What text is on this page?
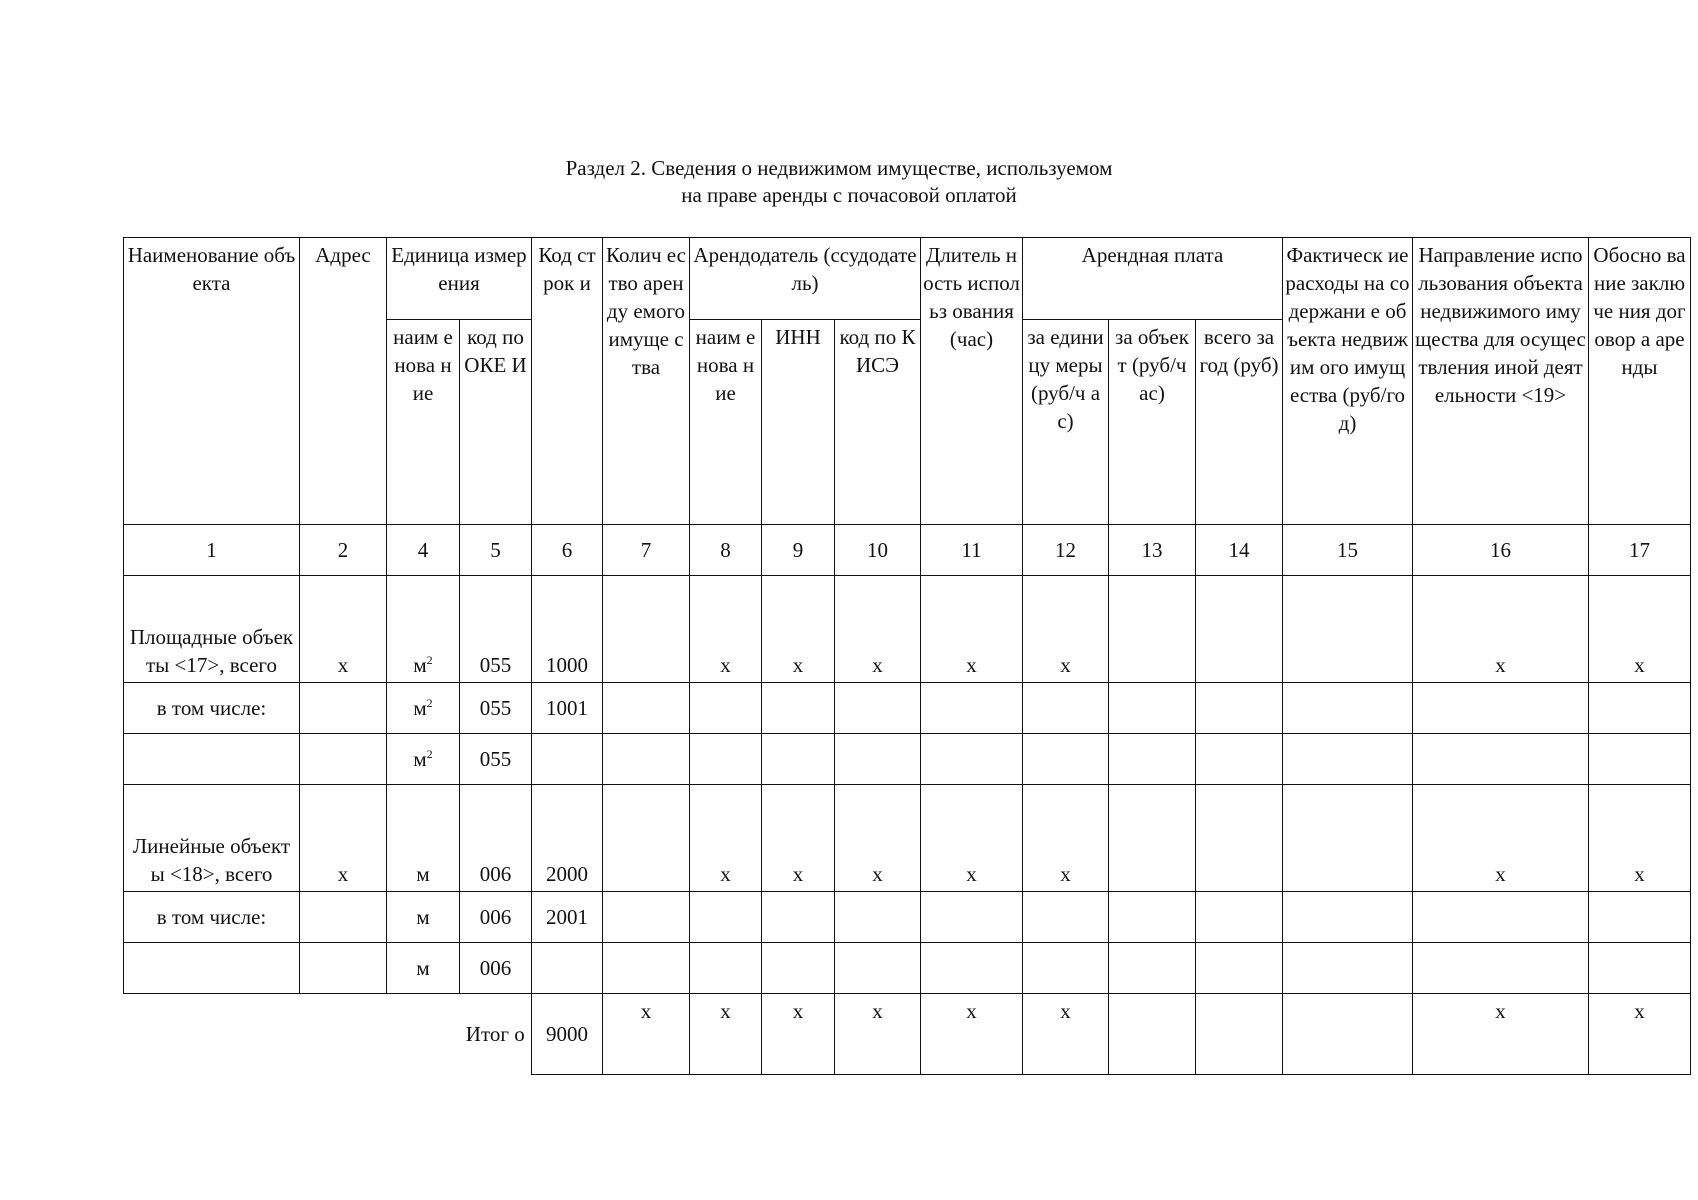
Раздел 2. Сведения о недвижимом имуществе, используемом
на праве аренды с почасовой оплатой
Наименование объекта	Адрес	Единица измерения		Код строк и	Колич ество аренду емого имуще ства	Арендодатель (ссудодатель)			Длитель ность использ ования (час)	Арендная плата			Фактическ ие расходы на содержани е объекта недвижим ого имущества (руб/год)	Направление использования объекта недвижимого имущества для осуществления иной деятельности <19>	Обосно вание заключе ния договор а аренды
		наим енова ние	код по ОКЕ И			наим енова ние	ИНН	код по КИСЭ		за едини цу меры (руб/ч ас)	за объект (руб/ч ас)	всего за год (руб)			
1	2	4	5	6	7	8	9	10	11	12	13	14	15	16	17
Площадные объекты <17>, всего	х	$м^2$	055	1000		х	х	х	х	х				х	х
в том числе:		$м^2$	055	1001											
		$м^2$	055												
Линейные объекты <18>, всего	х	м	006	2000		х	х	х	х	х				х	х
в том числе:		м	006	2001											
		м	006												
			Итог о	9000	х	х	х	х	х	х				х	х
